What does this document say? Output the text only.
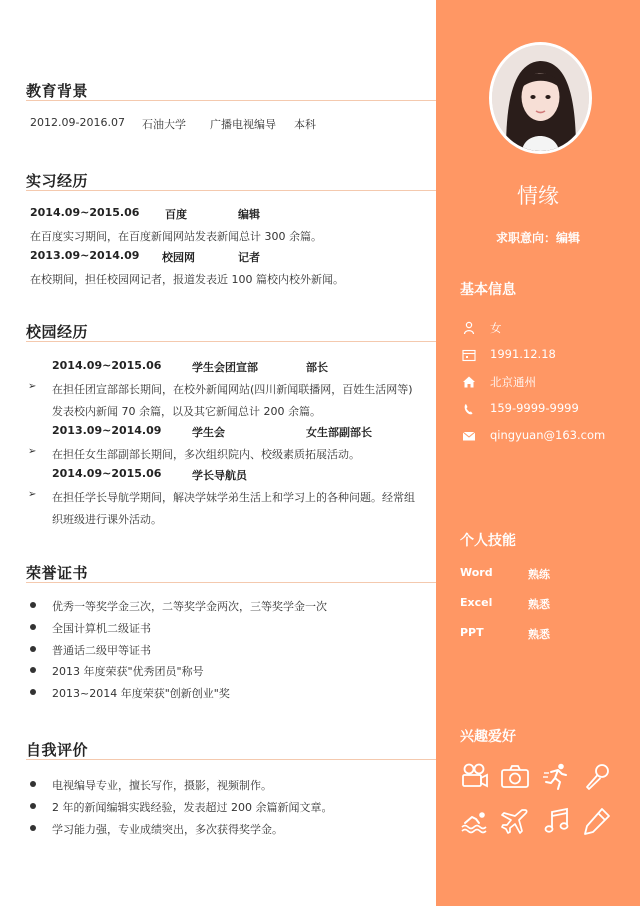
教育背景
2012.09-2016.07 石油大学 广播电视编导 本科
实习经历
2014.09~2015.06 百度	编辑
在百度实习期间，在百度新闻网站发表新闻总计 300 余篇。
2013.09~2014.09 校园网	记者
在校期间，担任校园网记者，报道发表近 100 篇校内校外新闻。
校园经历
2014.09~2015.06	学生会团宣部	部长
➢ 在担任团宣部部长期间，在校外新闻网站(四川新闻联播网，百姓生活网等)
发表校内新闻 70 余篇，以及其它新闻总计 200 余篇。
2013.09~2014.09	学生会	女生部副部长
➢ 在担任女生部副部长期间，多次组织院内、校级素质拓展活动。
2014.09~2015.06	学长导航员
➢ 在担任学长导航学期间，解决学妹学弟生活上和学习上的各种问题。经常组
织班级进行课外活动。
荣誉证书
优秀一等奖学金三次，二等奖学金两次，三等奖学金一次
全国计算机二级证书
普通话二级甲等证书
2013 年度荣获"优秀团员"称号
2013~2014 年度荣获"创新创业"奖
自我评价
电视编导专业，擅长写作，摄影，视频制作。
2 年的新闻编辑实践经验，发表超过 200 余篇新闻文章。
学习能力强，专业成绩突出，多次获得奖学金。
情缘
求职意向：编辑
基本信息
女
1991.12.18
北京通州
159-9999-9999
qingyuan@163.com
个人技能
Word	熟练
Excel	熟悉
PPT	熟悉
兴趣爱好
